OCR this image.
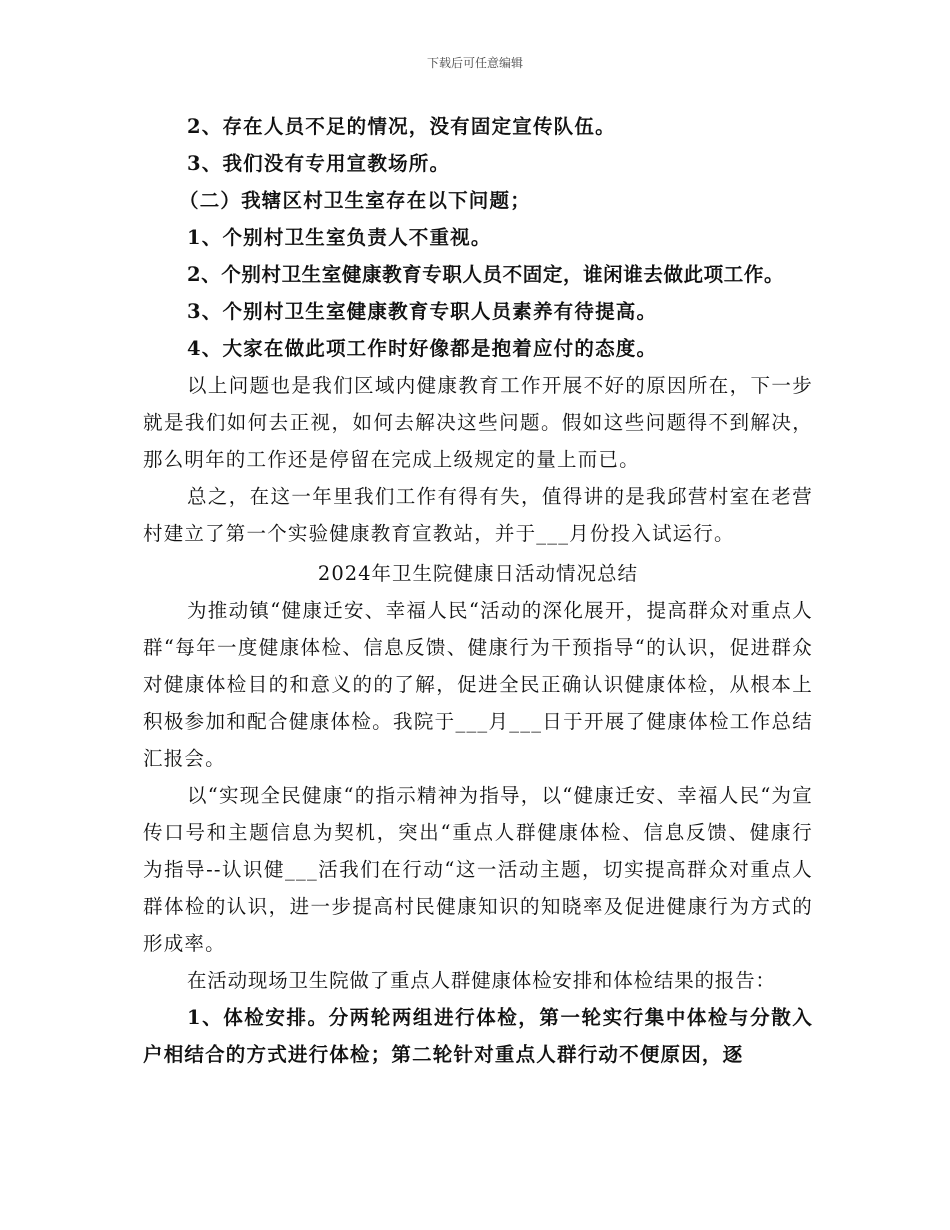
下载后可任意编辑

2、存在人员不足的情况，没有固定宣传队伍。

3、我们没有专用宣教场所。

（二）我辖区村卫生室存在以下问题；

1、个别村卫生室负责人不重视。

2、个别村卫生室健康教育专职人员不固定，谁闲谁去做此项工作。

3、个别村卫生室健康教育专职人员素养有待提高。

4、大家在做此项工作时好像都是抱着应付的态度。

以上问题也是我们区域内健康教育工作开展不好的原因所在，下一步就是我们如何去正视，如何去解决这些问题。假如这些问题得不到解决，那么明年的工作还是停留在完成上级规定的量上而已。

总之，在这一年里我们工作有得有失，值得讲的是我邱营村室在老营村建立了第一个实验健康教育宣教站，并于___月份投入试运行。

2024年卫生院健康日活动情况总结

为推动镇“健康迁安、幸福人民“活动的深化展开，提高群众对重点人群“每年一度健康体检、信息反馈、健康行为干预指导“的认识，促进群众对健康体检目的和意义的的了解，促进全民正确认识健康体检，从根本上积极参加和配合健康体检。我院于___月___日于开展了健康体检工作总结汇报会。

以“实现全民健康“的指示精神为指导，以“健康迁安、幸福人民“为宣传口号和主题信息为契机，突出“重点人群健康体检、信息反馈、健康行为指导--认识健___活我们在行动“这一活动主题，切实提高群众对重点人群体检的认识，进一步提高村民健康知识的知晓率及促进健康行为方式的形成率。

在活动现场卫生院做了重点人群健康体检安排和体检结果的报告：

1、体检安排。分两轮两组进行体检，第一轮实行集中体检与分散入户相结合的方式进行体检；第二轮针对重点人群行动不便原因，逐
